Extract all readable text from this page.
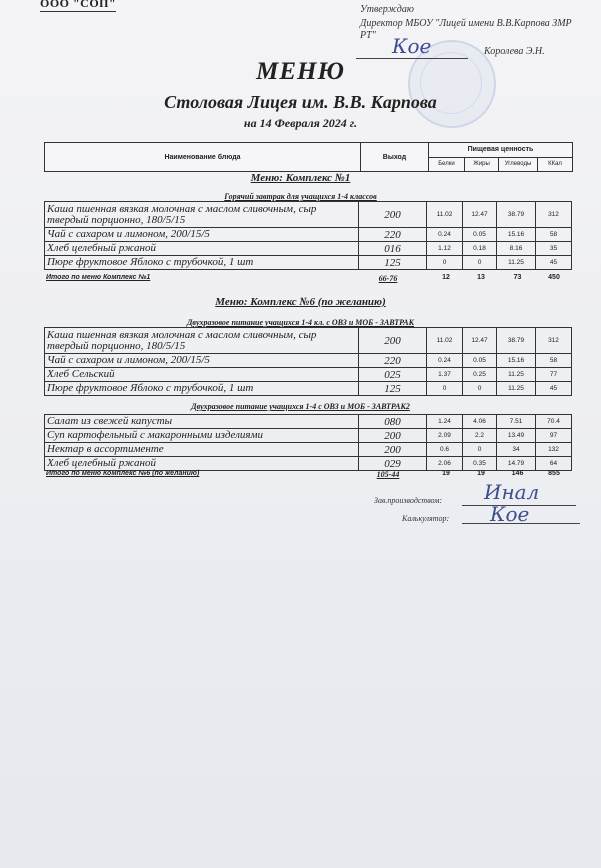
ООО "СОП"	Утверждаю
Директор МБОУ "Лицей имени В.В.Карпова ЗМР
РТ" Кое	Королева Э.Н.
МЕНЮ
Столовая Лицея им. В.В. Карпова
на 14 Февраля 2024 г.
Наименование блюда	Выход
Пищевая ценность
Белки	Жиры	Углеводы	ККал
Меню: Комплекс №1
Горячий завтрак для учащихся 1-4 классов
Каша пшенная вязкая молочная с маслом сливочным, сыр твердый порционно, 180/5/15	200	11.02	12.47	38.79	312
Чай с сахаром и лимоном, 200/15/5	220	0.24	0.05	15.16	58
Хлеб целебный ржаной	016	1.12	0.18	8.16	35
Пюре фруктовое Яблоко с трубочкой, 1 шт	125	0	0	11.25	45
Итого по меню Комплекс №1	66-76	12	13	73	450
Меню: Комплекс №6 (по желанию)
Двухразовое питание учащихся 1-4 кл. с ОВЗ и МОБ - ЗАВТРАК
Каша пшенная вязкая молочная с маслом сливочным, сыр твердый порционно, 180/5/15	200	11.02	12.47	38.79	312
Чай с сахаром и лимоном, 200/15/5	220	0.24	0.05	15.16	58
Хлеб Сельский	025	1.37	0.25	11.25	77
Пюре фруктовое Яблоко с трубочкой, 1 шт	125	0	0	11.25	45
Двухразовое питание учащихся 1-4 с ОВЗ и МОБ - ЗАВТРАК2
Салат из свежей капусты	080	1.24	4.06	7.51	70.4
Суп картофельный с макаронными изделиями	200	2.09	2.2	13.49	97
Нектар в ассортименте	200	0.6	0	34	132
Хлеб целебный ржаной	029	2.06	0.35	14.79	64
Итого по меню Комплекс №6 (по желанию)	105-44	19	19	146	855
Зав.производством: Инал
Калькулятор: Кое
